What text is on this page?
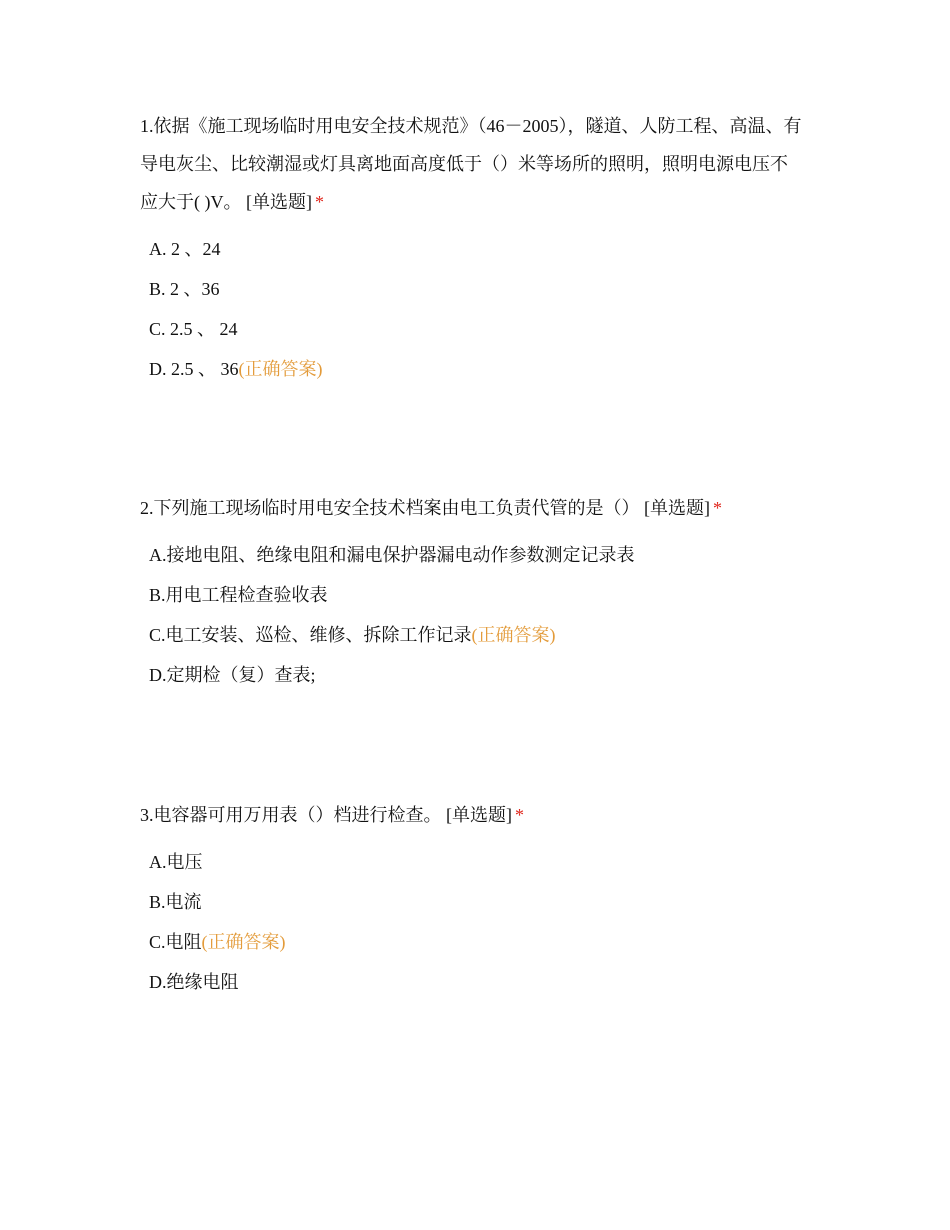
1.依据《施工现场临时用电安全技术规范》（46－2005），隧道、人防工程、高温、有导电灰尘、比较潮湿或灯具离地面高度低于（）米等场所的照明，照明电源电压不应大于( )V。 [单选题] *

A. 2 、24
B. 2 、36
C. 2.5 、 24
D. 2.5 、 36(正确答案)

2.下列施工现场临时用电安全技术档案由电工负责代管的是（） [单选题] *

A.接地电阻、绝缘电阻和漏电保护器漏电动作参数测定记录表
B.用电工程检查验收表
C.电工安装、巡检、维修、拆除工作记录(正确答案)
D.定期检（复）查表;

3.电容器可用万用表（）档进行检查。 [单选题] *

A.电压
B.电流
C.电阻(正确答案)
D.绝缘电阻
